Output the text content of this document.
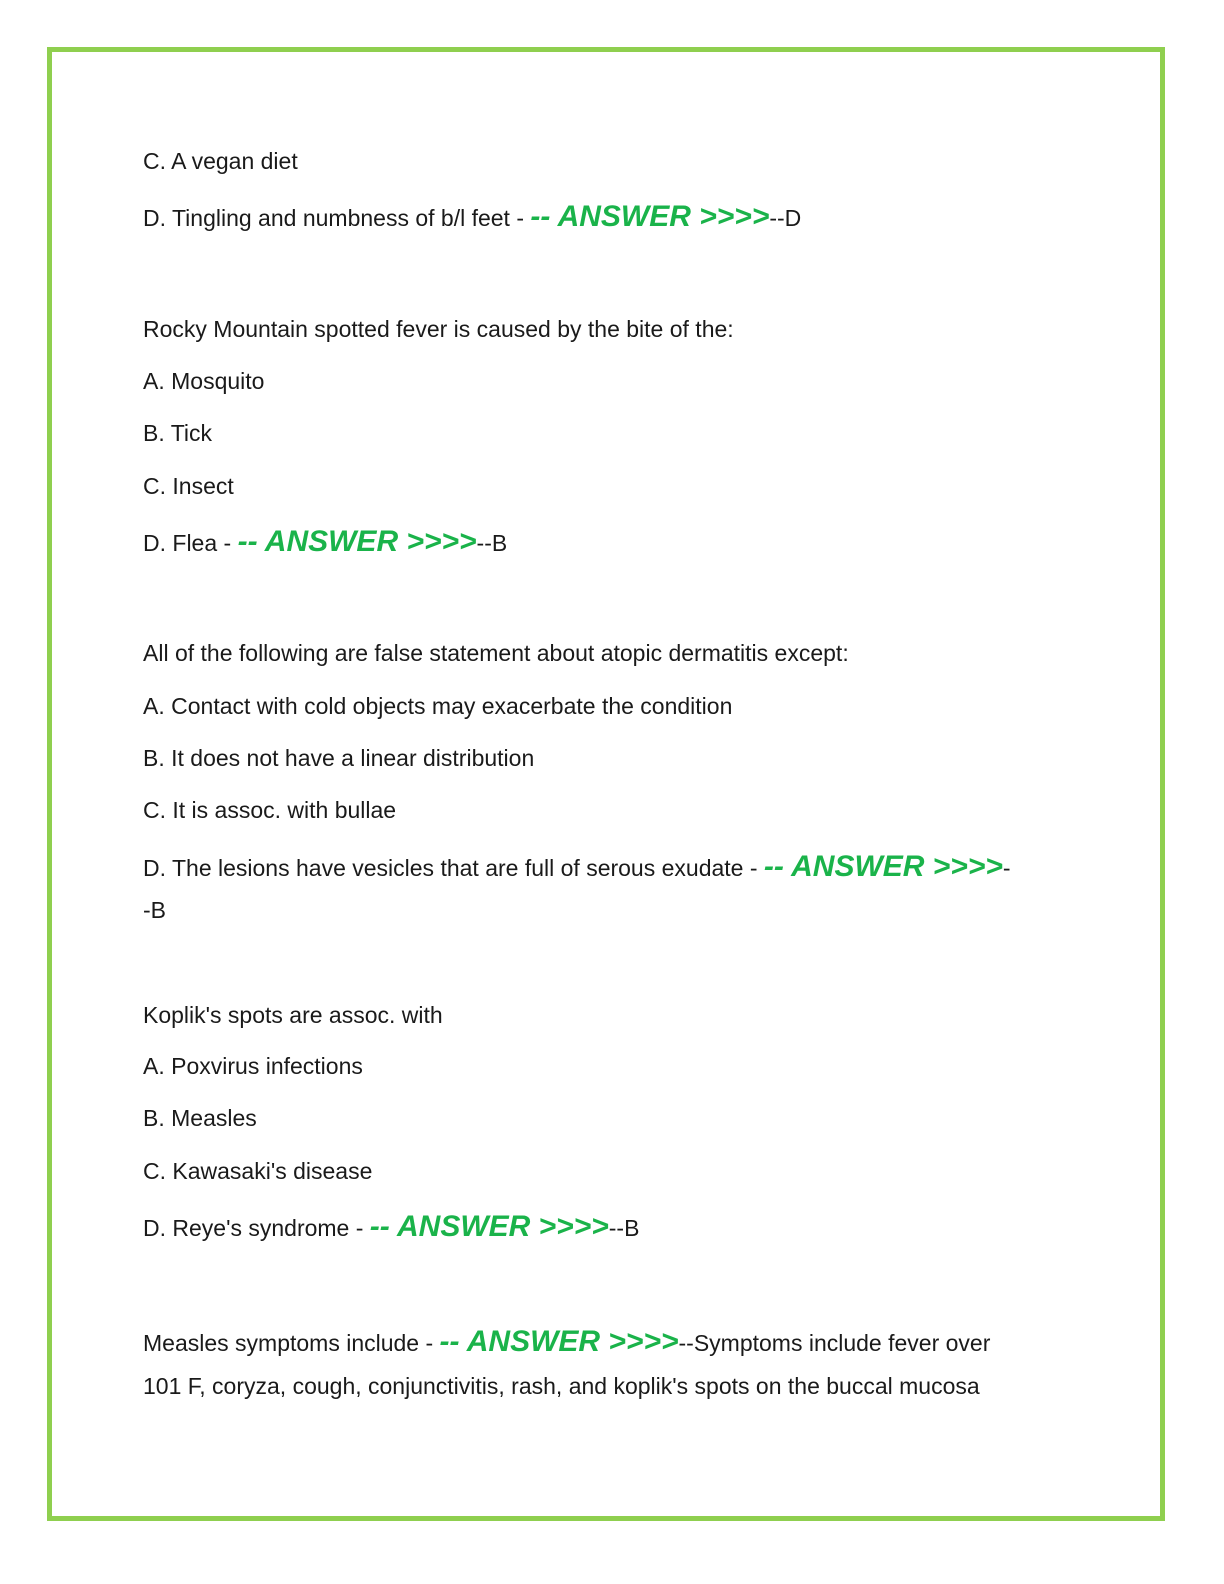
C. A vegan diet
D. Tingling and numbness of b/l feet - -- ANSWER >>>>--D
Rocky Mountain spotted fever is caused by the bite of the:
A. Mosquito
B. Tick
C. Insect
D. Flea - -- ANSWER >>>>--B
All of the following are false statement about atopic dermatitis except:
A. Contact with cold objects may exacerbate the condition
B. It does not have a linear distribution
C. It is assoc. with bullae
D. The lesions have vesicles that are full of serous exudate - -- ANSWER >>>>-
-B
Koplik's spots are assoc. with
A. Poxvirus infections
B. Measles
C. Kawasaki's disease
D. Reye's syndrome - -- ANSWER >>>>--B
Measles symptoms include - -- ANSWER >>>>--Symptoms include fever over
101 F, coryza, cough, conjunctivitis, rash, and koplik's spots on the buccal mucosa
